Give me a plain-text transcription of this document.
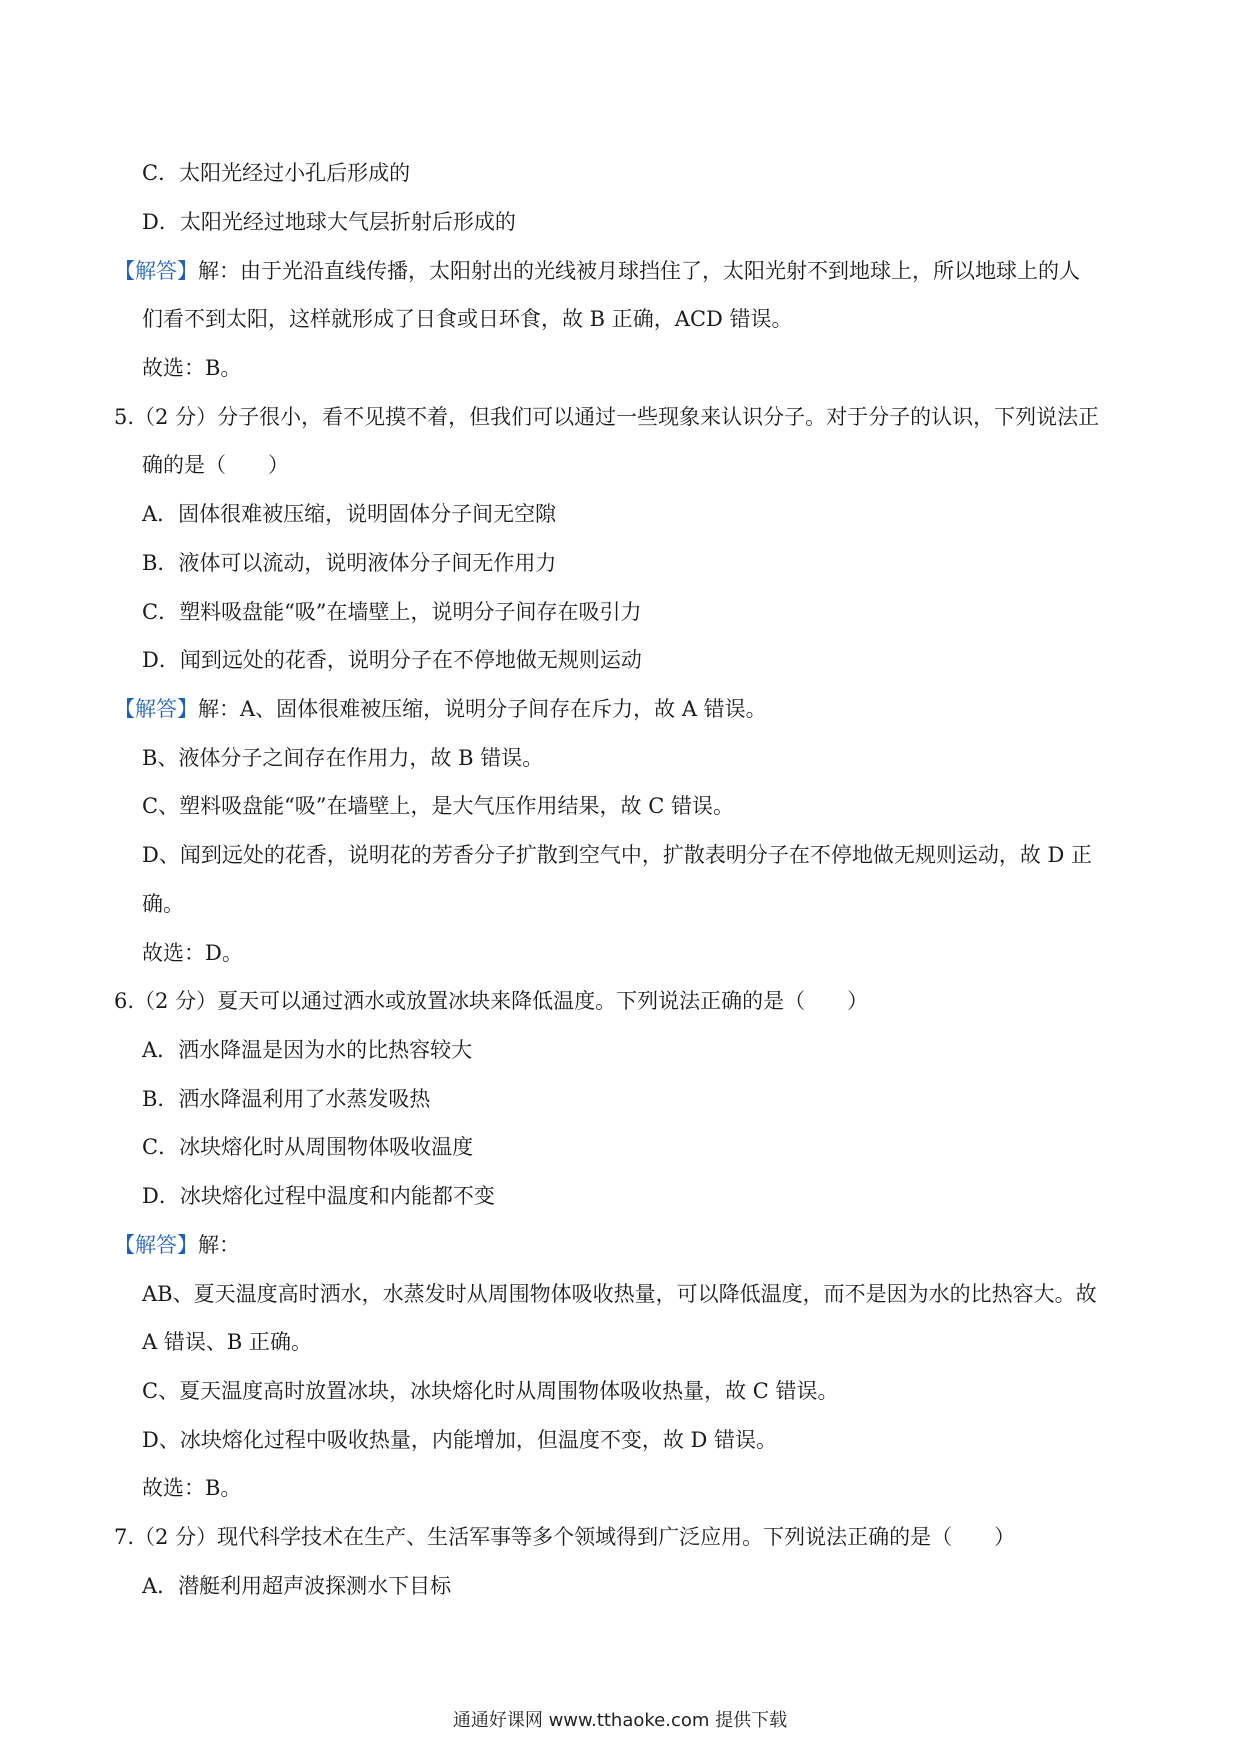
C．太阳光经过小孔后形成的
D．太阳光经过地球大气层折射后形成的
【解答】解：由于光沿直线传播，太阳射出的光线被月球挡住了，太阳光射不到地球上，所以地球上的人
们看不到太阳，这样就形成了日食或日环食，故 B 正确，ACD 错误。
故选：B。
5.（2 分）分子很小，看不见摸不着，但我们可以通过一些现象来认识分子。对于分子的认识，下列说法正
确的是（　　）
A．固体很难被压缩，说明固体分子间无空隙
B．液体可以流动，说明液体分子间无作用力
C．塑料吸盘能“吸”在墙壁上，说明分子间存在吸引力
D．闻到远处的花香，说明分子在不停地做无规则运动
【解答】解：A、固体很难被压缩，说明分子间存在斥力，故 A 错误。
B、液体分子之间存在作用力，故 B 错误。
C、塑料吸盘能“吸”在墙壁上，是大气压作用结果，故 C 错误。
D、闻到远处的花香，说明花的芳香分子扩散到空气中，扩散表明分子在不停地做无规则运动，故 D 正
确。
故选：D。
6.（2 分）夏天可以通过洒水或放置冰块来降低温度。下列说法正确的是（　　）
A．洒水降温是因为水的比热容较大
B．洒水降温利用了水蒸发吸热
C．冰块熔化时从周围物体吸收温度
D．冰块熔化过程中温度和内能都不变
【解答】解：
AB、夏天温度高时洒水，水蒸发时从周围物体吸收热量，可以降低温度，而不是因为水的比热容大。故
A 错误、B 正确。
C、夏天温度高时放置冰块，冰块熔化时从周围物体吸收热量，故 C 错误。
D、冰块熔化过程中吸收热量，内能增加，但温度不变，故 D 错误。
故选：B。
7.（2 分）现代科学技术在生产、生活军事等多个领域得到广泛应用。下列说法正确的是（　　）
A．潜艇利用超声波探测水下目标
通通好课网 www.tthaoke.com 提供下载
